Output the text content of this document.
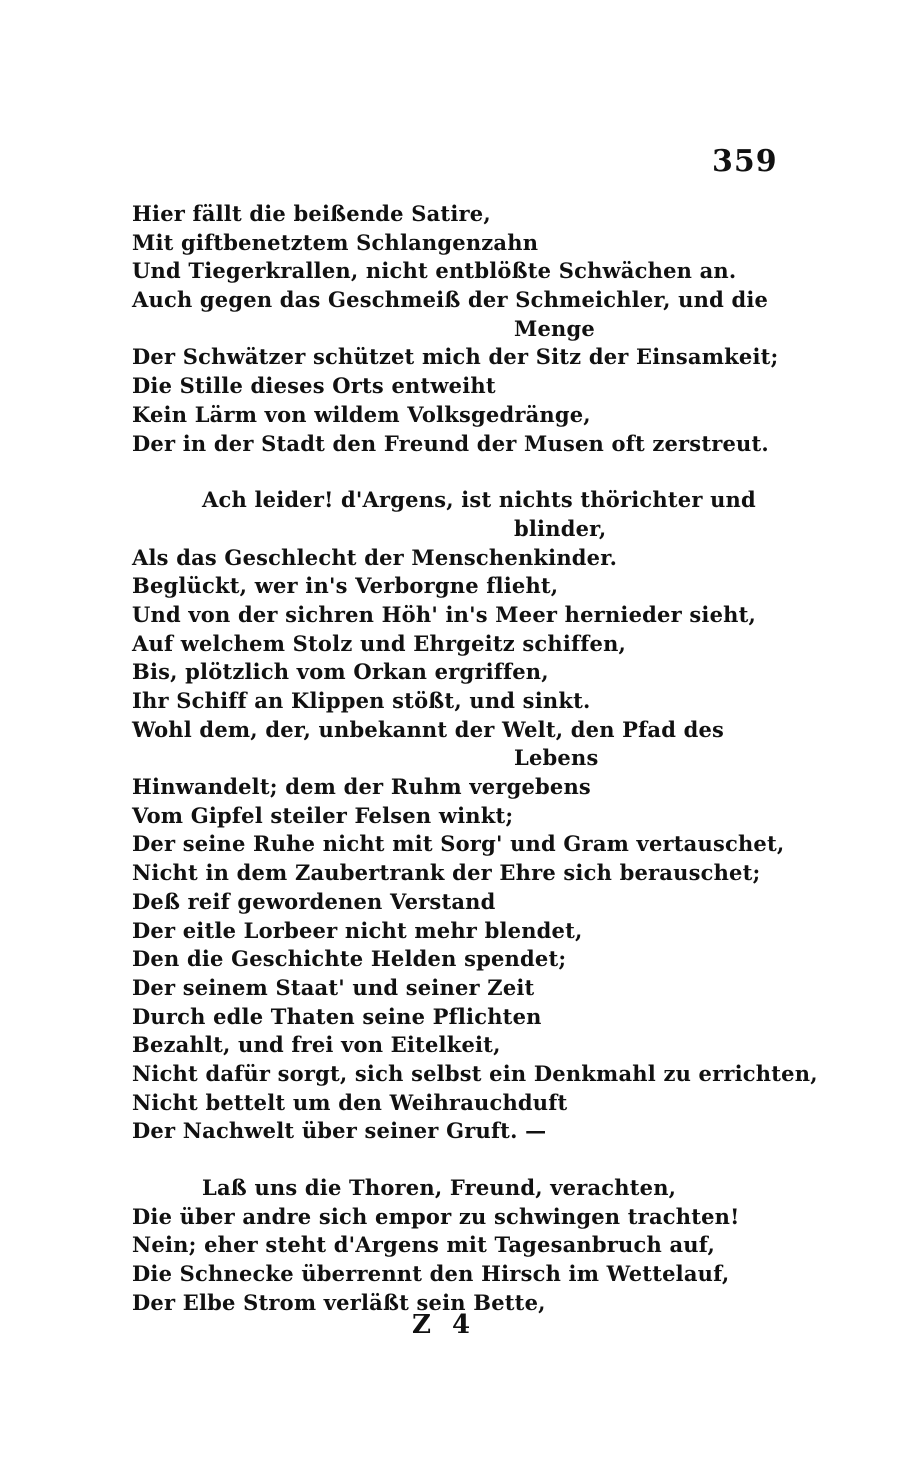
359
Hier fällt die beißende Satire,
Mit giftbenetztem Schlangenzahn
Und Tiegerkrallen, nicht entblößte Schwächen an.
Auch gegen das Geschmeiß der Schmeichler, und die
Menge
Der Schwätzer schützet mich der Sitz der Einsamkeit;
Die Stille dieses Orts entweiht
Kein Lärm von wildem Volksgedränge,
Der in der Stadt den Freund der Musen oft zerstreut.
Ach leider! d'Argens, ist nichts thörichter und
blinder,
Als das Geschlecht der Menschenkinder.
Beglückt, wer in's Verborgne flieht,
Und von der sichren Höh' in's Meer hernieder sieht,
Auf welchem Stolz und Ehrgeitz schiffen,
Bis, plötzlich vom Orkan ergriffen,
Ihr Schiff an Klippen stößt, und sinkt.
Wohl dem, der, unbekannt der Welt, den Pfad des
Lebens
Hinwandelt; dem der Ruhm vergebens
Vom Gipfel steiler Felsen winkt;
Der seine Ruhe nicht mit Sorg' und Gram vertauschet,
Nicht in dem Zaubertrank der Ehre sich berauschet;
Deß reif gewordenen Verstand
Der eitle Lorbeer nicht mehr blendet,
Den die Geschichte Helden spendet;
Der seinem Staat' und seiner Zeit
Durch edle Thaten seine Pflichten
Bezahlt, und frei von Eitelkeit,
Nicht dafür sorgt, sich selbst ein Denkmahl zu errichten,
Nicht bettelt um den Weihrauchduft
Der Nachwelt über seiner Gruft. —
Laß uns die Thoren, Freund, verachten,
Die über andre sich empor zu schwingen trachten!
Nein; eher steht d'Argens mit Tagesanbruch auf,
Die Schnecke überrennt den Hirsch im Wettelauf,
Der Elbe Strom verläßt sein Bette,
Z 4
